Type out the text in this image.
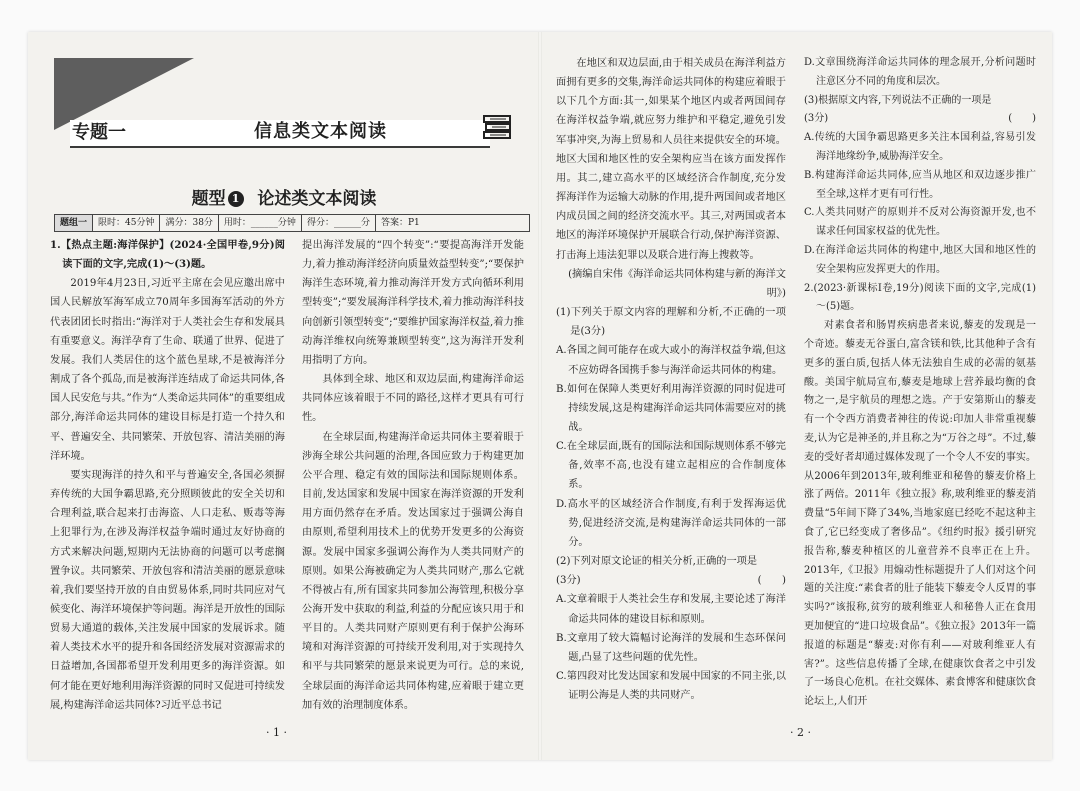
专题一	信息类文本阅读
题型 1 论述类文本阅读
题组一	限时：45分钟	满分：38分	用时：______分钟	得分：______分	答案：P1

1.【热点主题:海洋保护】(2024·全国甲卷,9分)阅读下面的文字,完成(1)～(3)题。

2019年4月23日,习近平主席在会见应邀出席中国人民解放军海军成立70周年多国海军活动的外方代表团团长时指出:“海洋对于人类社会生存和发展具有重要意义。海洋孕育了生命、联通了世界、促进了发展。我们人类居住的这个蓝色星球,不是被海洋分割成了各个孤岛,而是被海洋连结成了命运共同体,各国人民安危与共。”作为“人类命运共同体”的重要组成部分,海洋命运共同体的建设目标是打造一个持久和平、普遍安全、共同繁荣、开放包容、清洁美丽的海洋环境。

要实现海洋的持久和平与普遍安全,各国必须摒弃传统的大国争霸思路,充分照顾彼此的安全关切和合理利益,联合起来打击海盗、人口走私、贩毒等海上犯罪行为,在涉及海洋权益争端时通过友好协商的方式来解决问题,短期内无法协商的问题可以考虑搁置争议。共同繁荣、开放包容和清洁美丽的愿景意味着,我们要坚持开放的自由贸易体系,同时共同应对气候变化、海洋环境保护等问题。海洋是开放性的国际贸易大通道的载体,关注发展中国家的发展诉求。随着人类技术水平的提升和各国经济发展对资源需求的日益增加,各国都希望开发利用更多的海洋资源。如何才能在更好地利用海洋资源的同时又促进可持续发展,构建海洋命运共同体?习近平总书记

提出海洋发展的“四个转变”:“要提高海洋开发能力,着力推动海洋经济向质量效益型转变”;“要保护海洋生态环境,着力推动海洋开发方式向循环利用型转变”;“要发展海洋科学技术,着力推动海洋科技向创新引领型转变”;“要维护国家海洋权益,着力推动海洋维权向统筹兼顾型转变”,这为海洋开发利用指明了方向。

具体到全球、地区和双边层面,构建海洋命运共同体应该着眼于不同的路径,这样才更具有可行性。

在全球层面,构建海洋命运共同体主要着眼于涉海全球公共问题的治理,各国应致力于构建更加公平合理、稳定有效的国际法和国际规则体系。目前,发达国家和发展中国家在海洋资源的开发利用方面仍然存在矛盾。发达国家过于强调公海自由原则,希望利用技术上的优势开发更多的公海资源。发展中国家多强调公海作为人类共同财产的原则。如果公海被确定为人类共同财产,那么它就不得被占有,所有国家共同参加公海管理,积极分享公海开发中获取的利益,利益的分配应该只用于和平目的。人类共同财产原则更有利于保护公海环境和对海洋资源的可持续开发利用,对于实现持久和平与共同繁荣的愿景来说更为可行。总的来说,全球层面的海洋命运共同体构建,应着眼于建立更加有效的治理制度体系。

· 1 ·

在地区和双边层面,由于相关成员在海洋利益方面拥有更多的交集,海洋命运共同体的构建应着眼于以下几个方面:其一,如果某个地区内或者两国间存在海洋权益争端,就应努力维护和平稳定,避免引发军事冲突,为海上贸易和人员往来提供安全的环境。地区大国和地区性的安全架构应当在该方面发挥作用。其二,建立高水平的区域经济合作制度,充分发挥海洋作为运输大动脉的作用,提升两国间或者地区内成员国之间的经济交流水平。其三,对两国或者本地区的海洋环境保护开展联合行动,保护海洋资源、打击海上违法犯罪以及联合进行海上搜救等。

(摘编自宋伟《海洋命运共同体构建与新的海洋文明》)

(1)下列关于原文内容的理解和分析,不正确的一项是(3分)

A.各国之间可能存在或大或小的海洋权益争端,但这不应妨碍各国携手参与海洋命运共同体的构建。

B.如何在保障人类更好利用海洋资源的同时促进可持续发展,这是构建海洋命运共同体需要应对的挑战。

C.在全球层面,既有的国际法和国际规则体系不够完备,效率不高,也没有建立起相应的合作制度体系。

D.高水平的区域经济合作制度,有利于发挥海运优势,促进经济交流,是构建海洋命运共同体的一部分。

(2)下列对原文论证的相关分析,正确的一项是

(3分)	(　　)

A.文章着眼于人类社会生存和发展,主要论述了海洋命运共同体的建设目标和原则。

B.文章用了较大篇幅讨论海洋的发展和生态环保问题,凸显了这些问题的优先性。

C.第四段对比发达国家和发展中国家的不同主张,以证明公海是人类的共同财产。

D.文章围绕海洋命运共同体的理念展开,分析问题时注意区分不同的角度和层次。

(3)根据原文内容,下列说法不正确的一项是

(3分)	(　　)

A.传统的大国争霸思路更多关注本国利益,容易引发海洋地缘纷争,威胁海洋安全。

B.构建海洋命运共同体,应当从地区和双边逐步推广至全球,这样才更有可行性。

C.人类共同财产的原则并不反对公海资源开发,也不谋求任何国家权益的优先性。

D.在海洋命运共同体的构建中,地区大国和地区性的安全架构应发挥更大的作用。

2.(2023·新课标Ⅰ卷,19分)阅读下面的文字,完成(1)～(5)题。

对素食者和肠胃疾病患者来说,藜麦的发现是一个奇迹。藜麦无谷蛋白,富含镁和铁,比其他种子含有更多的蛋白质,包括人体无法独自生成的必需的氨基酸。美国宇航局宣布,藜麦是地球上营养最均衡的食物之一,是宇航员的理想之选。产于安第斯山的藜麦有一个令西方消费者神往的传说:印加人非常重视藜麦,认为它是神圣的,并且称之为“万谷之母”。不过,藜麦的受好者却通过媒体发现了一个令人不安的事实。从2006年到2013年,玻利维亚和秘鲁的藜麦价格上涨了两倍。2011年《独立报》称,玻利维亚的藜麦消费量“5年间下降了34%,当地家庭已经吃不起这种主食了,它已经变成了奢侈品”。《纽约时报》援引研究报告称,藜麦种植区的儿童营养不良率正在上升。2013年,《卫报》用煽动性标题提升了人们对这个问题的关注度:“素食者的肚子能装下藜麦令人反胃的事实吗?”该报称,贫穷的玻利维亚人和秘鲁人正在食用更加便宜的“进口垃圾食品”。《独立报》2013年一篇报道的标题是“藜麦:对你有利——对玻利维亚人有害?”。这些信息传播了全球,在健康饮食者之中引发了一场良心危机。在社交媒体、素食博客和健康饮食论坛上,人们开

· 2 ·
